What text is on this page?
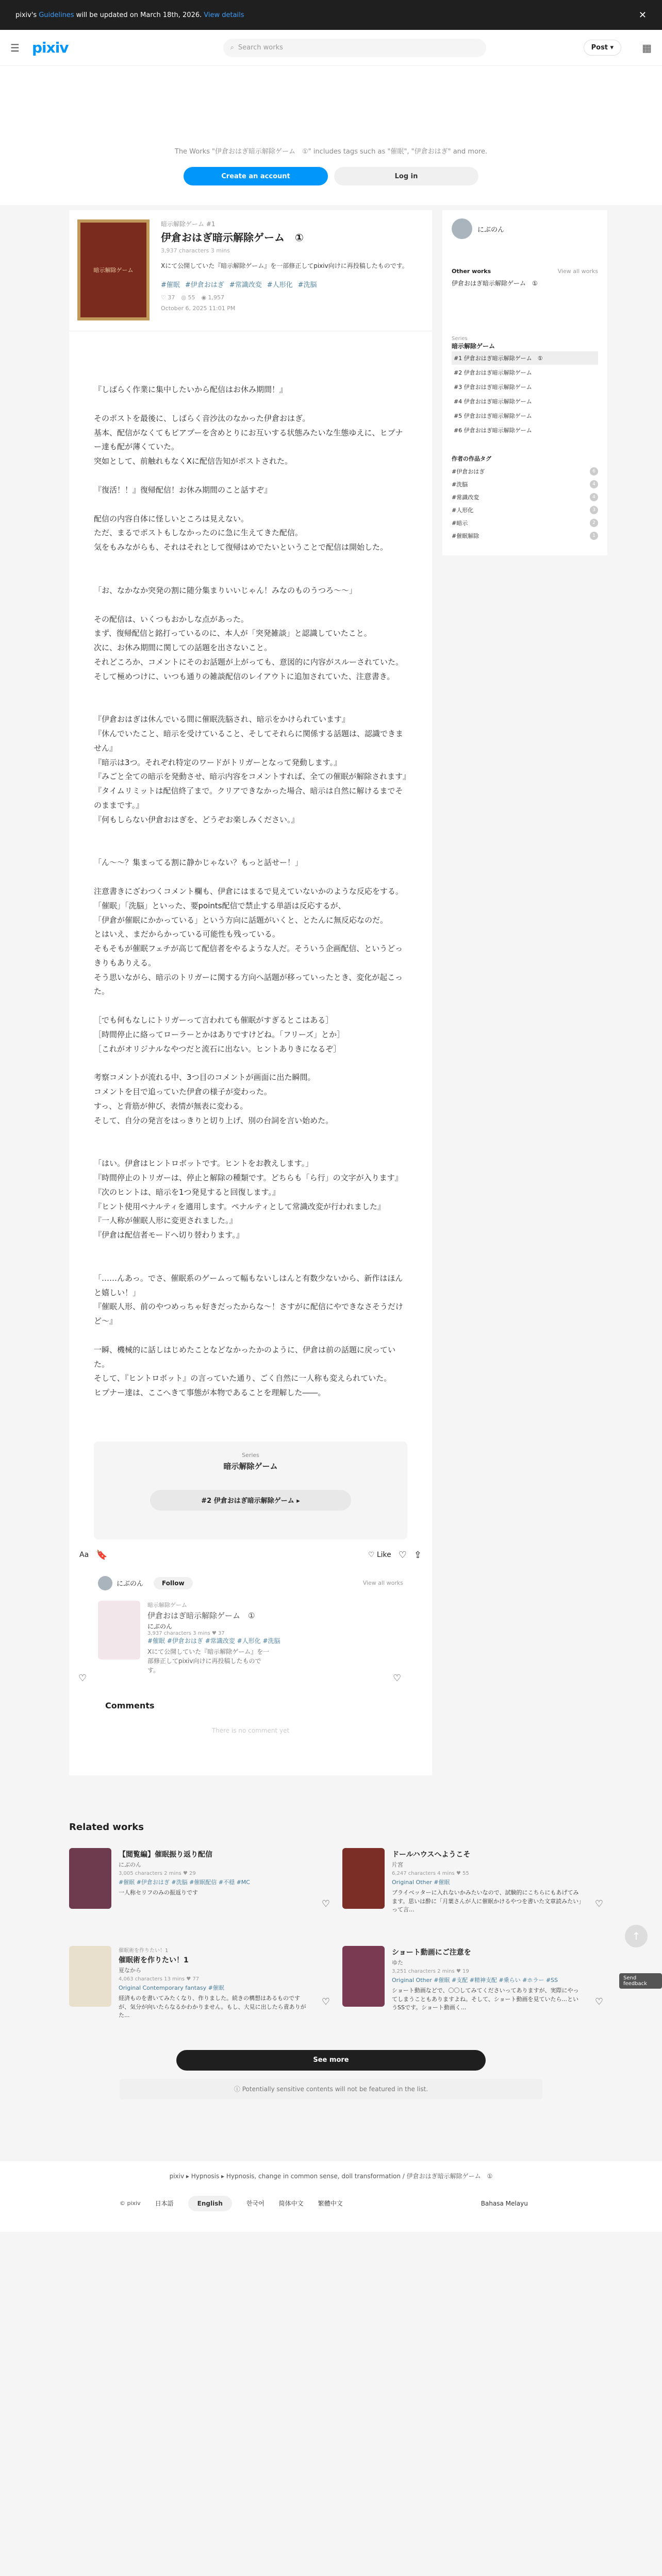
pixiv's Guidelines will be updated on March 18th, 2026. View details	✕
☰ pixiv	⌕ Search works	Post ▾	▦

The Works "伊倉おはぎ暗示解除ゲーム　①" includes tags such as "催眠", "伊倉おはぎ" and more.

Create an account	Log in
暗示解除ゲーム
暗示解除ゲーム #1
伊倉おはぎ暗示解除ゲーム　①
3,937 characters 3 mins
Xにて公開していた『暗示解除ゲーム』を一部修正してpixiv向けに再投稿したものです。
#催眠 #伊倉おはぎ #常識改変 #人形化 #洗脳
♡ 37 ◎ 55 ◉ 1,957
October 6, 2025 11:01 PM

『しばらく作業に集中したいから配信はお休み期間！』

そのポストを最後に、しばらく音沙汰のなかった伊倉おはぎ。

基本、配信がなくてもピアプーを含めとりにお互いする状態みたいな生態ゆえに、ヒプナー達も配が薄くていた。

突如として、前触れもなくXに配信告知がポストされた。

『復活！！』復帰配信！お休み期間のこと話すぞ』

配信の内容自体に怪しいところは見えない。

ただ、まるでポストもしなかったのに急に生えてきた配信。

気をもみながらも、それはそれとして復帰はめでたいということで配信は開始した。

「お、なかなか突発の割に随分集まりいいじゃん！みなのものうつろ〜〜」

その配信は、いくつもおかしな点があった。

まず、復帰配信と銘打っているのに、本人が「突発雑談」と認識していたこと。

次に、お休み期間に関しての話題を出さないこと。

それどころか、コメントにそのお話題が上がっても、意図的に内容がスルーされていた。

そして極めつけに、いつも通りの雑談配信のレイアウトに追加されていた、注意書き。

『伊倉おはぎは休んでいる間に催眠洗脳され、暗示をかけられています』

『休んでいたこと、暗示を受けていること、そしてそれらに関係する話題は、認識できません』

『暗示は3つ。それぞれ特定のワードがトリガーとなって発動します。』

『みごと全ての暗示を発動させ、暗示内容をコメントすれば、全ての催眠が解除されます』

『タイムリミットは配信終了まで。クリアできなかった場合、暗示は自然に解けるまでそのままです。』

『何もしらない伊倉おはぎを、どうぞお楽しみください。』

「ん〜〜？集まってる割に静かじゃない？もっと話せー！」

注意書きにざわつくコメント欄も、伊倉にはまるで見えていないかのような反応をする。

「催眠」「洗脳」といった、要points配信で禁止する単語は反応するが、

「伊倉が催眠にかかっている」という方向に話題がいくと、とたんに無反応なのだ。

とはいえ、まだからかっている可能性も残っている。

そもそもが催眠フェチが高じて配信者をやるような人だ。そういう企画配信、というどっきりもありえる。

そう思いながら、暗示のトリガーに関する方向へ話題が移っていったとき、変化が起こった。

［でも何もなしにトリガーって言われても催眠がすぎるとこはある］

［時間停止に絡ってローラーとかはありですけどね。「フリーズ」とか］

［これがオリジナルなやつだと流石に出ない。ヒントありきになるぞ］

考察コメントが流れる中、3つ目のコメントが画面に出た瞬間。

コメントを目で追っていた伊倉の様子が変わった。

すっ、と背筋が伸び、表情が無表に変わる。

そして、自分の発言をはっきりと切り上げ、別の台詞を言い始めた。

「はい。伊倉はヒントロボットです。ヒントをお教えします。」

『時間停止のトリガーは、停止と解除の種類です。どちらも「ら行」の文字が入ります』

『次のヒントは、暗示を1つ発見すると回復します。』

『ヒント使用ペナルティを適用します。ペナルティとして常識改変が行われました』

『一人称が催眠人形に変更されました。』

『伊倉は配信者モードへ切り替わります。』

「……んあっ。でさ、催眠系のゲームって幅もないしはんと有数少ないから、新作はほんと嬉しい！」

『催眠人形、前のやつめっちゃ好きだったからな〜！さすがに配信にやできなさそうだけど〜』

一瞬、機械的に話しはじめたことなどなかったかのように、伊倉は前の話題に戻っていた。

そして、『ヒントロボット』の言っていた通り、ごく自然に一人称も変えられていた。

ヒプナー達は、ここへきて事態が本物であることを理解した――。

Series
暗示解除ゲーム
#2 伊倉おはぎ暗示解除ゲーム ▸
Aa 🔖	♡ Like ♡ ⇪
にぶのん	Follow	View all works
暗示解除ゲーム
伊倉おはぎ暗示解除ゲーム　①
にぶのん
3,937 characters 3 mins ♥ 37
#催眠 #伊倉おはぎ #常識改変 #人形化 #洗脳
Xにて公開していた『暗示解除ゲーム』を一部修正してpixiv向けに再投稿したものです。
♡	♡
Comments
There is no comment yet
にぶのん
Other works	View all works
伊倉おはぎ暗示解除ゲーム　①
Series
暗示解除ゲーム
#1 伊倉おはぎ暗示解除ゲーム　①
#2 伊倉おはぎ暗示解除ゲーム
#3 伊倉おはぎ暗示解除ゲーム
#4 伊倉おはぎ暗示解除ゲーム
#5 伊倉おはぎ暗示解除ゲーム
#6 伊倉おはぎ暗示解除ゲーム
作者の作品タグ
#伊倉おはぎ	6
#洗脳	4
#常識改変	4
#人形化	3
#暗示	2
#催眠解除	1
↑
Send feedback
Related works
【閲覧編】催眠振り返り配信
にぶのん
3,005 characters 2 mins ♥ 29
#催眠 #伊倉おはぎ #洗脳 #催眠配信 #不穏 #MC
一人称セリフのみの振返りです
♡
ドールハウスへようこそ
片宮
6,247 characters 4 mins ♥ 55
Original Other #催眠
ブライベッターに入れないかみたいなので、試験的にこちらにもあげてみます。思いは酔に「月葉さんが人に催眠かけるやつを書いた文章読みたい」って言...
♡
催眠術を作りたい！1
催眠術を作りたい！1
夏なから
4,063 characters 13 mins ♥ 77
Original Contemporary fantasy #催眠
経済ものを書いてみたくなり、作りました。続きの構想はあるものですが、気分が向いたらなるかわかりません。もし、大見に出したら責ありがた...
♡
ショート動画にご注意を
ゆた
3,251 characters 2 mins ♥ 19
Original Other #催眠 #支配 #精神支配 #乗らい #ホラー #SS
ショート動画などで、〇〇してみてくださいってありますが、実際にやってしまうこともありますよね。そして、ショート動画を見ていたら...というSSです。ショート動画く...
♡
See more
ⓘ Potentially sensitive contents will not be featured in the list.
pixiv ▸ Hypnosis ▸ Hypnosis, change in common sense, doll transformation / 伊倉おはぎ暗示解除ゲーム　①
© pixiv 日本語	English	한국어 简体中文 繁體中文	Bahasa Melayu
